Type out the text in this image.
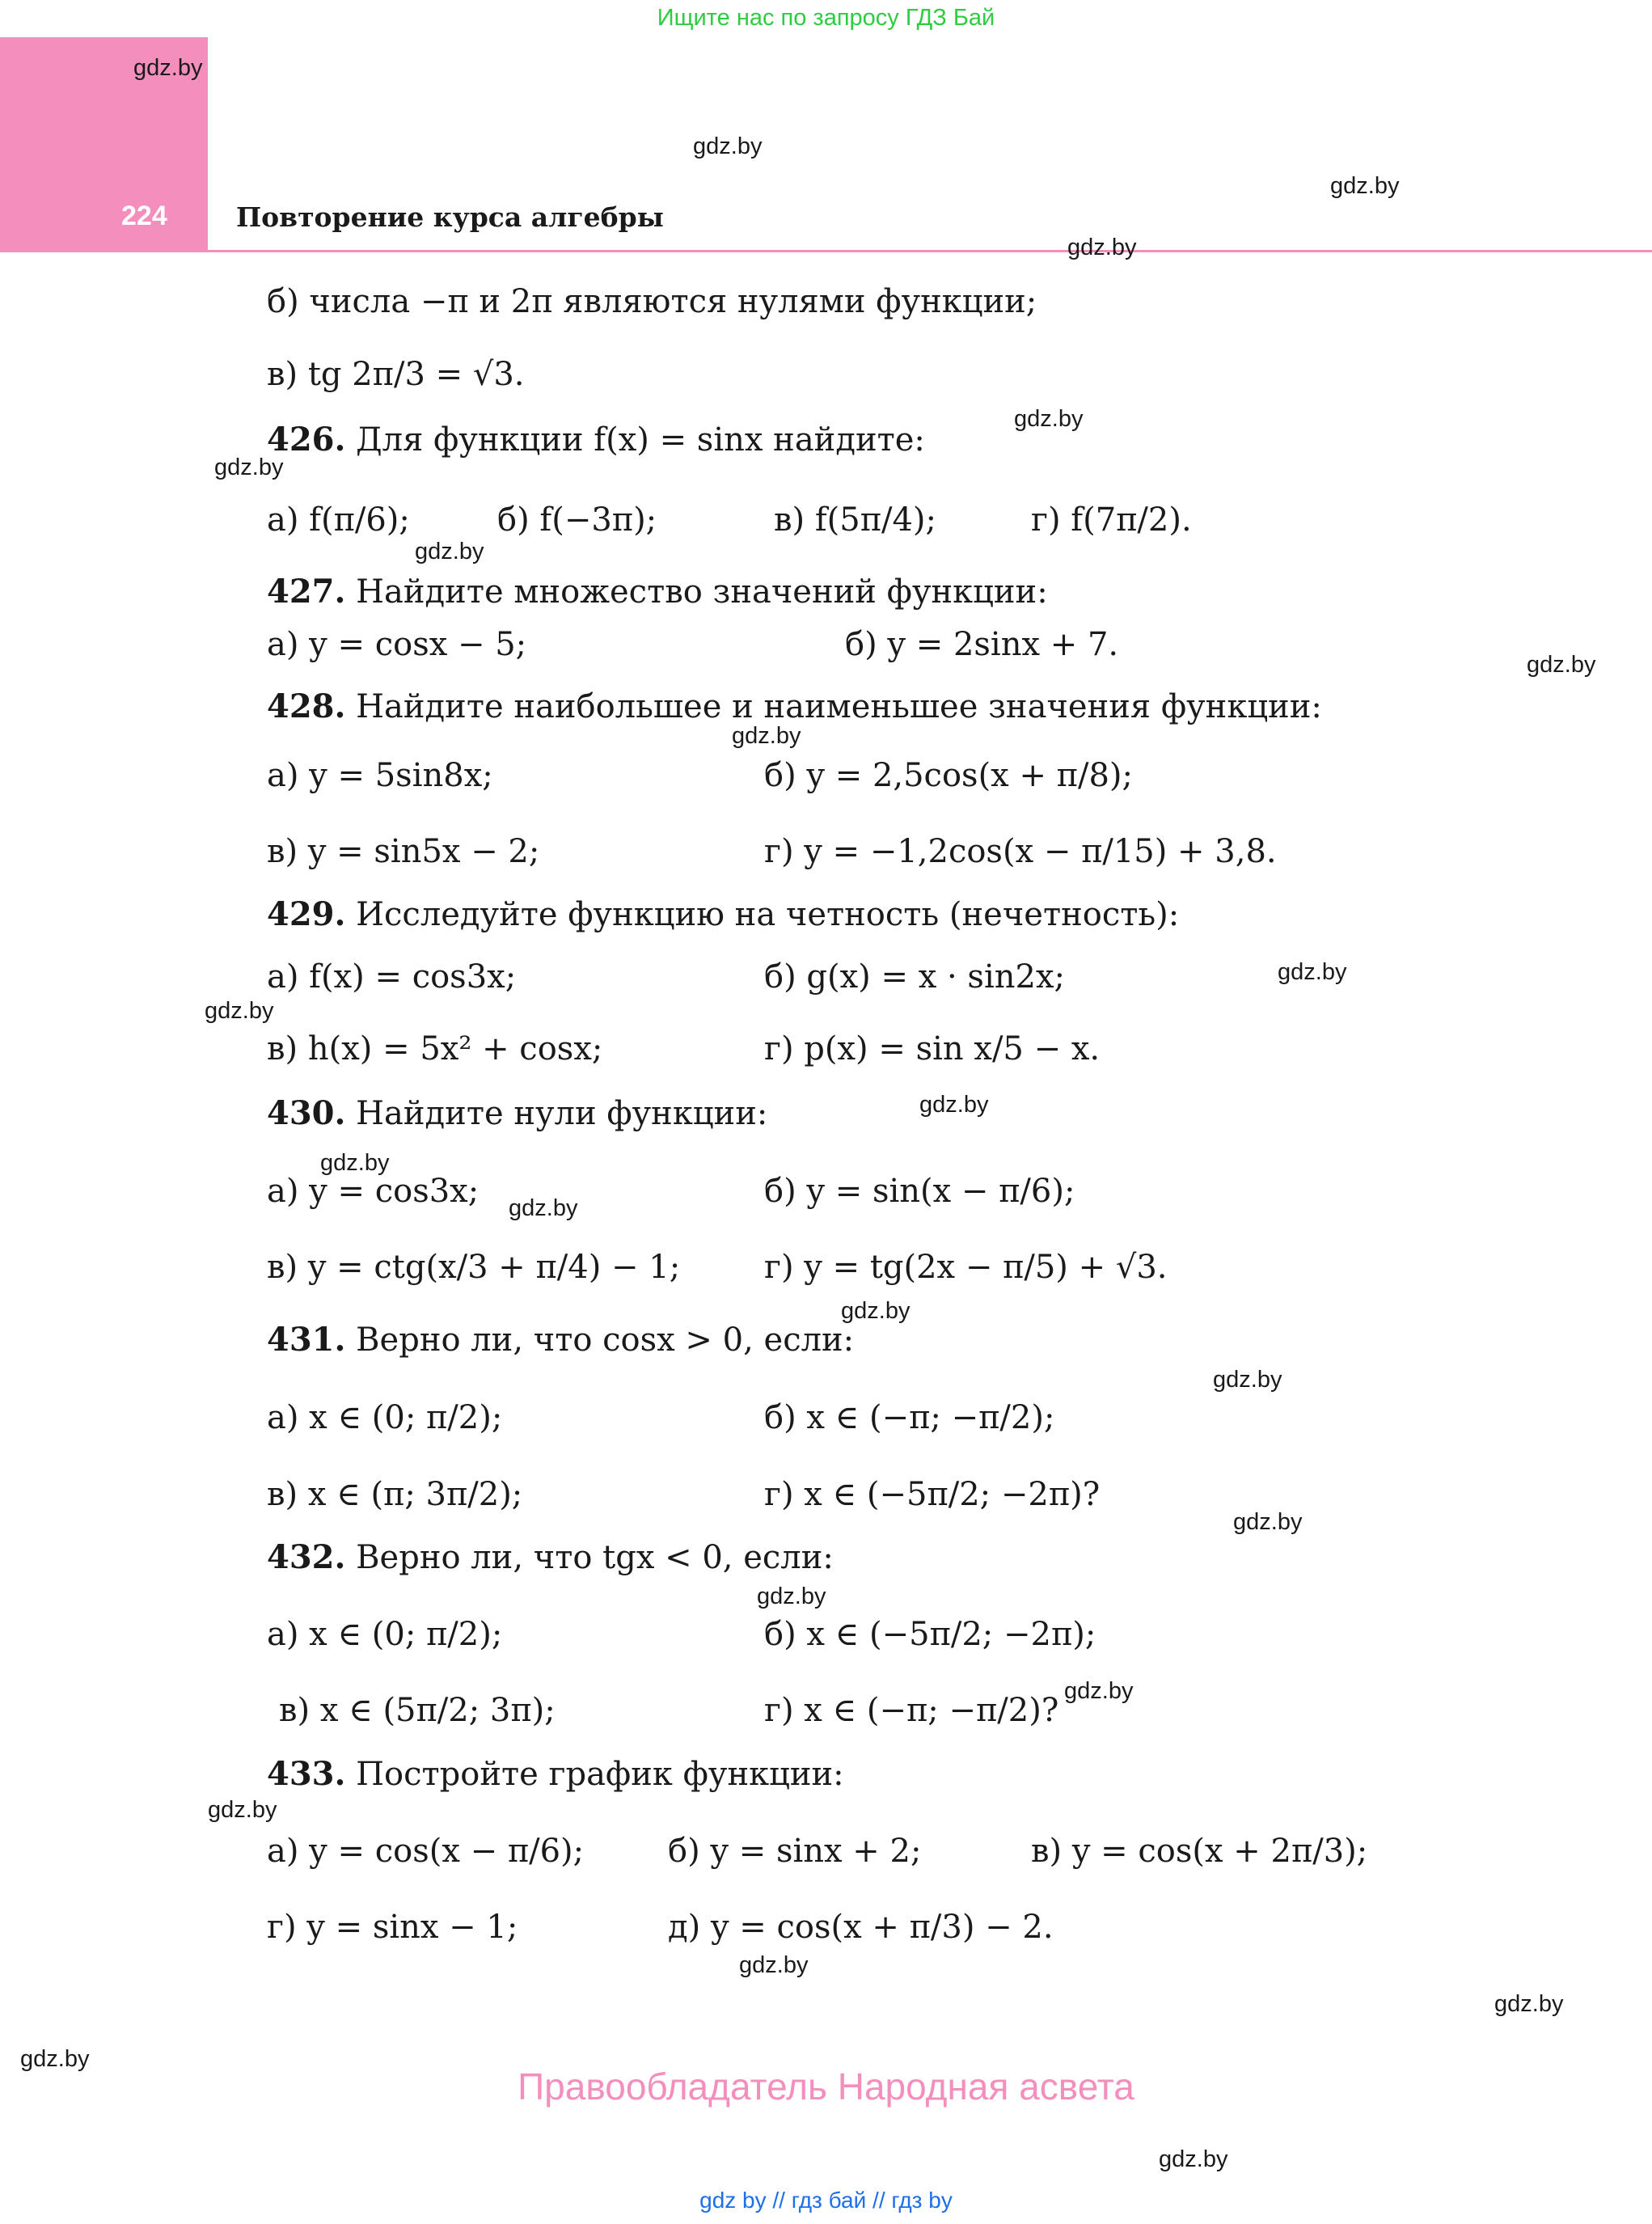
Ищите нас по запросу ГДЗ Бай
224	Повторение курса алгебры
gdz.by
gdz.by
gdz.by
gdz.by
gdz.by
gdz.by
gdz.by
gdz.by
gdz.by
gdz.by
gdz.by
gdz.by
gdz.by
gdz.by
gdz.by
gdz.by
gdz.by
gdz.by
gdz.by
gdz.by
gdz.by
gdz.by
gdz.by
gdz.by
б) числа −π и 2π являются нулями функции;
в) tg 2π/3 = √3.
426. Для функции f(x) = sinx найдите:
а) f(π/6);	б) f(−3π);	в) f(5π/4);	г) f(7π/2).
427. Найдите множество значений функции:
а) y = cosx − 5;	б) y = 2sinx + 7.
428. Найдите наибольшее и наименьшее значения функции:
а) y = 5sin8x;	б) y = 2,5cos(x + π/8);
в) y = sin5x − 2;	г) y = −1,2cos(x − π/15) + 3,8.
429. Исследуйте функцию на четность (нечетность):
а) f(x) = cos3x;	б) g(x) = x · sin2x;
в) h(x) = 5x² + cosx;	г) p(x) = sin x/5 − x.
430. Найдите нули функции:
а) y = cos3x;	б) y = sin(x − π/6);
в) y = ctg(x/3 + π/4) − 1;	г) y = tg(2x − π/5) + √3.
431. Верно ли, что cosx > 0, если:
а) x ∈ (0; π/2);	б) x ∈ (−π; −π/2);
в) x ∈ (π; 3π/2);	г) x ∈ (−5π/2; −2π)?
432. Верно ли, что tgx < 0, если:
а) x ∈ (0; π/2);	б) x ∈ (−5π/2; −2π);
в) x ∈ (5π/2; 3π);	г) x ∈ (−π; −π/2)?
433. Постройте график функции:
а) y = cos(x − π/6);	б) y = sinx + 2;	в) y = cos(x + 2π/3);
г) y = sinx − 1;	д) y = cos(x + π/3) − 2.
Правообладатель Народная асвета
gdz by // гдз бай // гдз by
